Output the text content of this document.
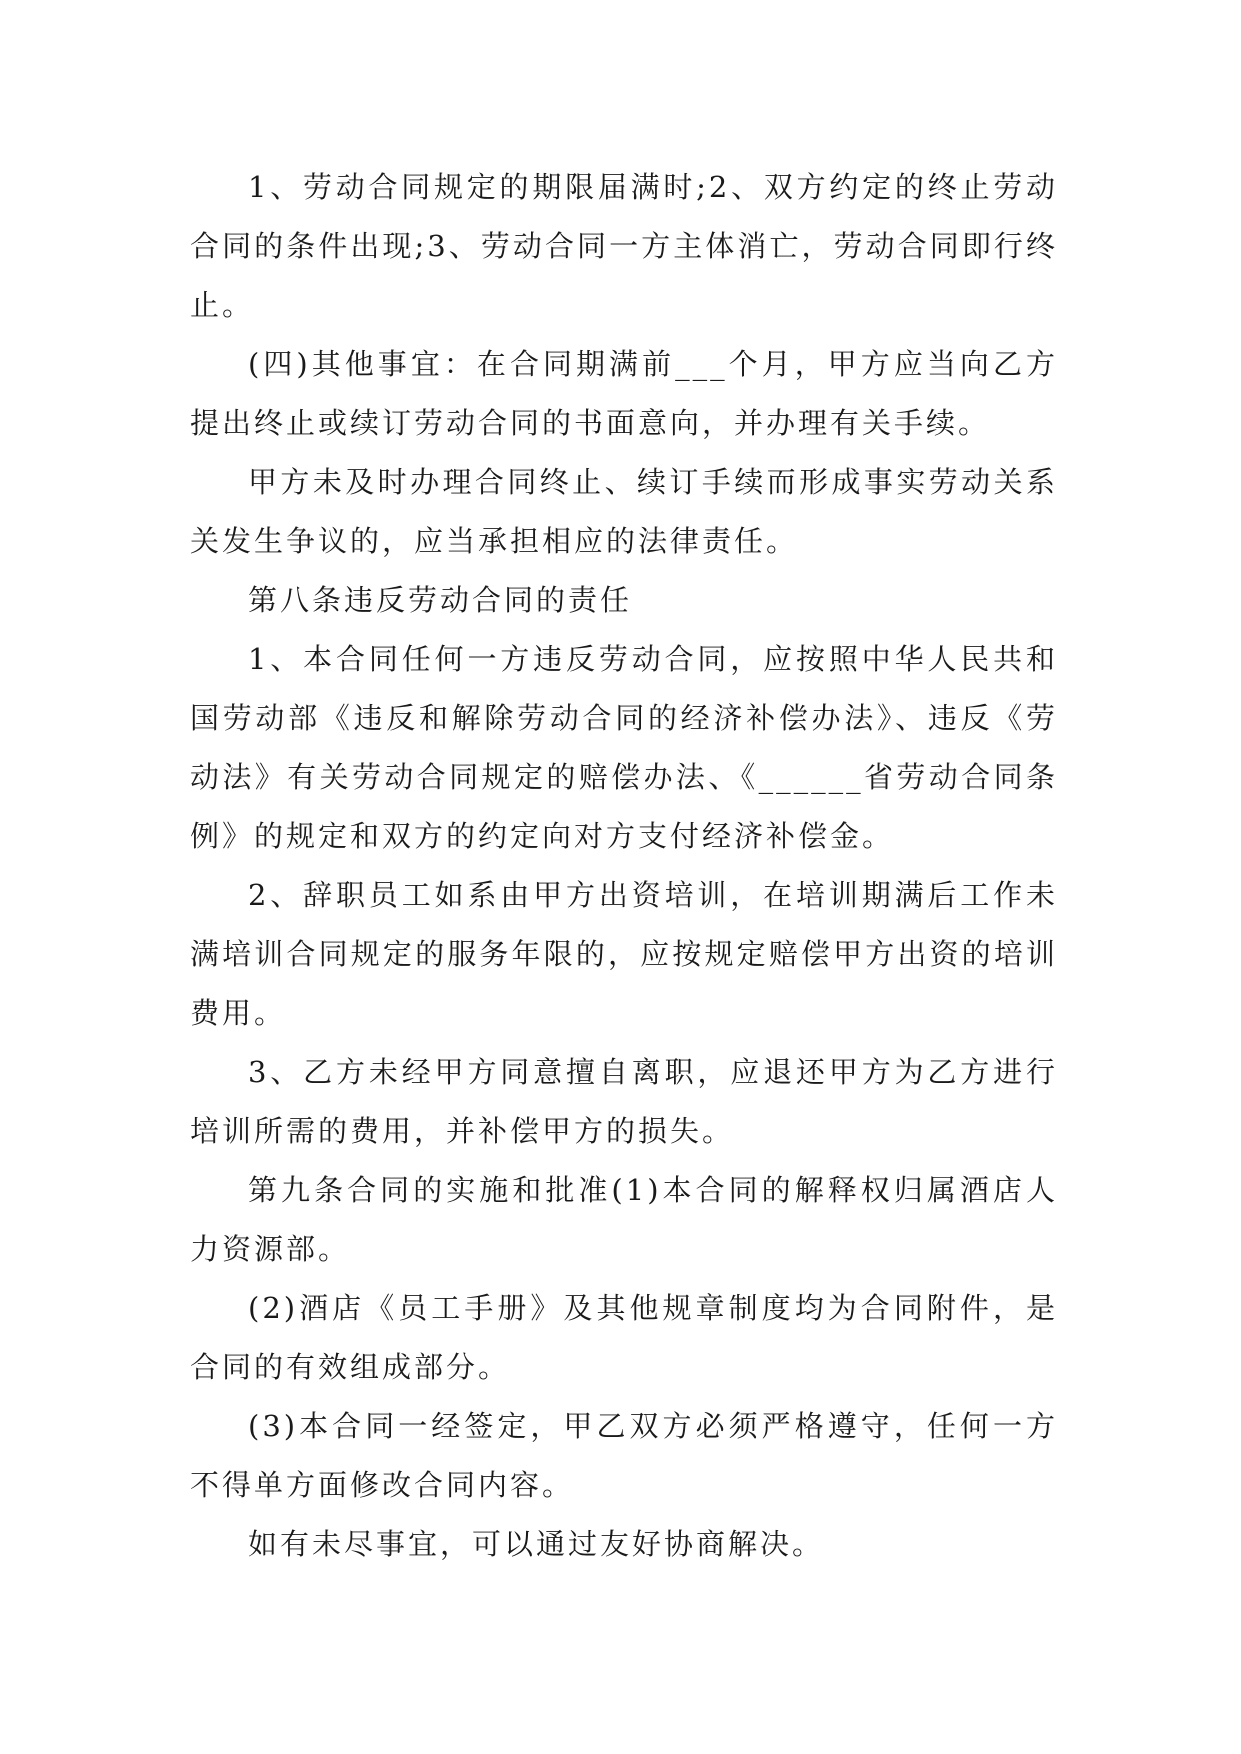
1、劳动合同规定的期限届满时;2、双方约定的终止劳动合同的条件出现;3、劳动合同一方主体消亡，劳动合同即行终止。

(四)其他事宜：在合同期满前___个月，甲方应当向乙方提出终止或续订劳动合同的书面意向，并办理有关手续。

甲方未及时办理合同终止、续订手续而形成事实劳动关系关发生争议的，应当承担相应的法律责任。

第八条违反劳动合同的责任

1、本合同任何一方违反劳动合同，应按照中华人民共和国劳动部《违反和解除劳动合同的经济补偿办法》、违反《劳动法》有关劳动合同规定的赔偿办法、《______省劳动合同条例》的规定和双方的约定向对方支付经济补偿金。

2、辞职员工如系由甲方出资培训，在培训期满后工作未满培训合同规定的服务年限的，应按规定赔偿甲方出资的培训费用。

3、乙方未经甲方同意擅自离职，应退还甲方为乙方进行培训所需的费用，并补偿甲方的损失。

第九条合同的实施和批准(1)本合同的解释权归属酒店人力资源部。

(2)酒店《员工手册》及其他规章制度均为合同附件，是合同的有效组成部分。

(3)本合同一经签定，甲乙双方必须严格遵守，任何一方不得单方面修改合同内容。

如有未尽事宜，可以通过友好协商解决。
